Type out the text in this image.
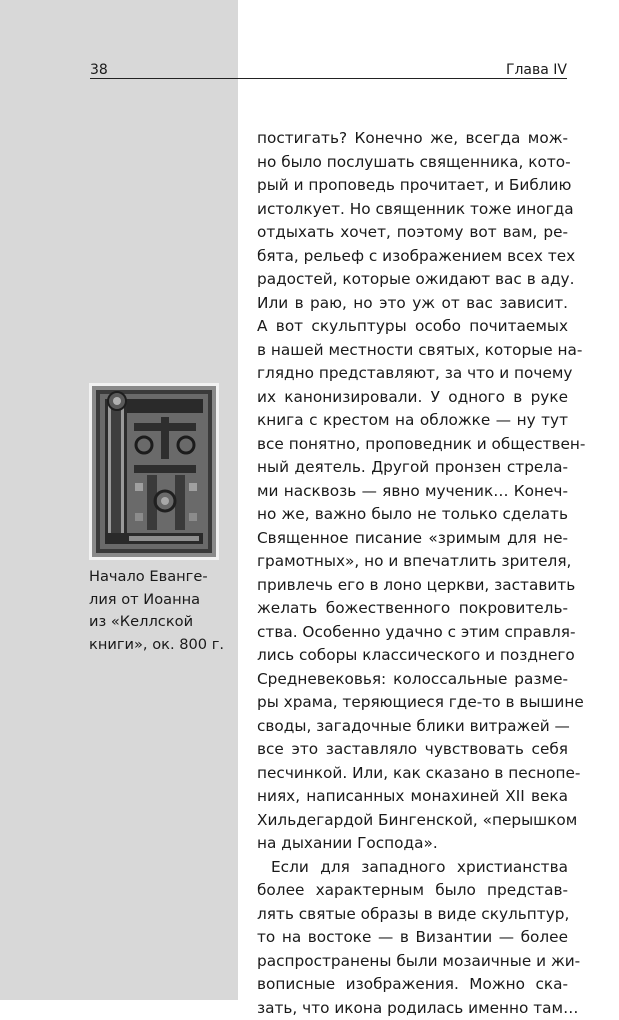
38	Глава IV
Начало Еванге-
лия от Иоанна
из «Келлской
книги», ок. 800 г.
постигать? Конечно же, всегда мож-
но было послушать священника, кото-
рый и проповедь прочитает, и Библию
истолкует. Но священник тоже иногда
отдыхать хочет, поэтому вот вам, ре-
бята, рельеф с изображением всех тех
радостей, которые ожидают вас в аду.
Или в раю, но это уж от вас зависит.
А вот скульптуры особо почитаемых
в нашей местности святых, которые на-
глядно представляют, за что и почему
их канонизировали. У одного в руке
книга с крестом на обложке — ну тут
все понятно, проповедник и обществен-
ный деятель. Другой пронзен стрела-
ми насквозь — явно мученик… Конеч-
но же, важно было не только сделать
Священное писание «зримым для не-
грамотных», но и впечатлить зрителя,
привлечь его в лоно церкви, заставить
желать божественного покровитель-
ства. Особенно удачно с этим справля-
лись соборы классического и позднего
Средневековья: колоссальные разме-
ры храма, теряющиеся где-то в вышине
своды, загадочные блики витражей —
все это заставляло чувствовать себя
песчинкой. Или, как сказано в песнопе-
ниях, написанных монахиней XII века
Хильдегардой Бингенской, «перышком
на дыхании Господа».
Если для западного христианства
более характерным было представ-
лять святые образы в виде скульптур,
то на востоке — в Византии — более
распространены были мозаичные и жи-
вописные изображения. Можно ска-
зать, что икона родилась именно там…
